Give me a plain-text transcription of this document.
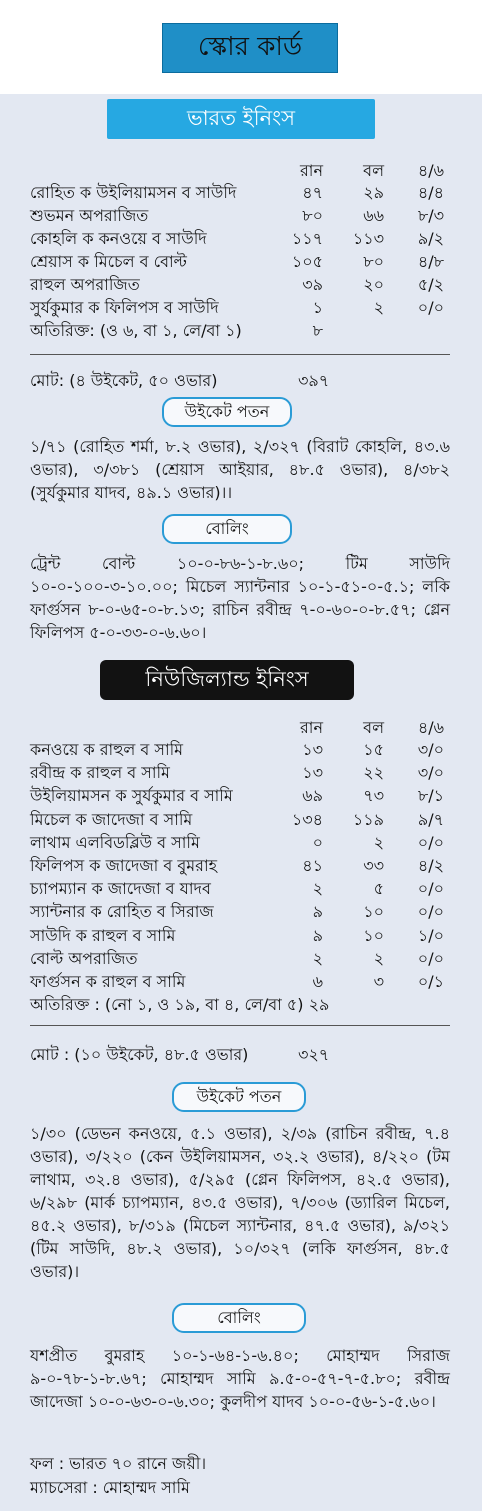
স্কোর কার্ড
ভারত ইনিংস
রান	বল ৪/৬
রোহিত ক উইলিয়ামসন ব সাউদি	৪৭	২৯ ৪/৪
শুভমন অপরাজিত	৮০	৬৬ ৮/৩
কোহলি ক কনওয়ে ব সাউদি	১১৭ ১১৩ ৯/২
শ্রেয়াস ক মিচেল ব বোল্ট	১০৫	৮০ ৪/৮
রাহুল অপরাজিত	৩৯	২০ ৫/২
সুর্যকুমার ক ফিলিপস ব সাউদি	১	২ ০/০
অতিরিক্ত: (ও ৬, বা ১, লে/বা ১)	৮
মোট: (৪ উইকেট, ৫০ ওভার)	৩৯৭
উইকেট পতন
১/৭১ (রোহিত শর্মা, ৮.২ ওভার), ২/৩২৭ (বিরাট কোহলি, ৪৩.৬ ওভার), ৩/৩৮১ (শ্রেয়াস আইয়ার, ৪৮.৫ ওভার), ৪/৩৮২ (সুর্যকুমার যাদব, ৪৯.১ ওভার)।।
বোলিং
ট্রেন্ট বোল্ট ১০-০-৮৬-১-৮.৬০; টিম সাউদি ১০-০-১০০-৩-১০.০০; মিচেল স্যান্টনার ১০-১-৫১-০-৫.১; লকি ফার্গুসন ৮-০-৬৫-০-৮.১৩; রাচিন রবীন্দ্র ৭-০-৬০-০-৮.৫৭; গ্লেন ফিলিপস ৫-০-৩৩-০-৬.৬০।
নিউজিল্যান্ড ইনিংস
রান	বল ৪/৬
কনওয়ে ক রাহুল ব সামি	১৩	১৫ ৩/০
রবীন্দ্র ক রাহুল ব সামি	১৩	২২ ৩/০
উইলিয়ামসন ক সুর্যকুমার ব সামি	৬৯	৭৩ ৮/১
মিচেল ক জাদেজা ব সামি	১৩৪ ১১৯ ৯/৭
লাথাম এলবিডব্লিউ ব সামি	০	২ ০/০
ফিলিপস ক জাদেজা ব বুমরাহ	৪১	৩৩ ৪/২
চ্যাপম্যান ক জাদেজা ব যাদব	২	৫ ০/০
স্যান্টনার ক রোহিত ব সিরাজ	৯	১০ ০/০
সাউদি ক রাহুল ব সামি	৯	১০ ১/০
বোল্ট অপরাজিত	২	২ ০/০
ফার্গুসন ক রাহুল ব সামি	৬	৩ ০/১
অতিরিক্ত : (নো ১, ও ১৯, বা ৪, লে/বা ৫) ২৯
মোট : (১০ উইকেট, ৪৮.৫ ওভার)	৩২৭
উইকেট পতন
১/৩০ (ডেভন কনওয়ে, ৫.১ ওভার), ২/৩৯ (রাচিন রবীন্দ্র, ৭.৪ ওভার), ৩/২২০ (কেন উইলিয়ামসন, ৩২.২ ওভার), ৪/২২০ (টম লাথাম, ৩২.৪ ওভার), ৫/২৯৫ (গ্লেন ফিলিপস, ৪২.৫ ওভার), ৬/২৯৮ (মার্ক চ্যাপম্যান, ৪৩.৫ ওভার), ৭/৩০৬ (ড্যারিল মিচেল, ৪৫.২ ওভার), ৮/৩১৯ (মিচেল স্যান্টনার, ৪৭.৫ ওভার), ৯/৩২১ (টিম সাউদি, ৪৮.২ ওভার), ১০/৩২৭ (লকি ফার্গুসন, ৪৮.৫ ওভার)।
বোলিং
যশপ্রীত বুমরাহ ১০-১-৬৪-১-৬.৪০; মোহাম্মদ সিরাজ ৯-০-৭৮-১-৮.৬৭; মোহাম্মদ সামি ৯.৫-০-৫৭-৭-৫.৮০; রবীন্দ্র জাদেজা ১০-০-৬৩-০-৬.৩০; কুলদীপ যাদব ১০-০-৫৬-১-৫.৬০।
ফল : ভারত ৭০ রানে জয়ী।
ম্যাচসেরা : মোহাম্মদ সামি
